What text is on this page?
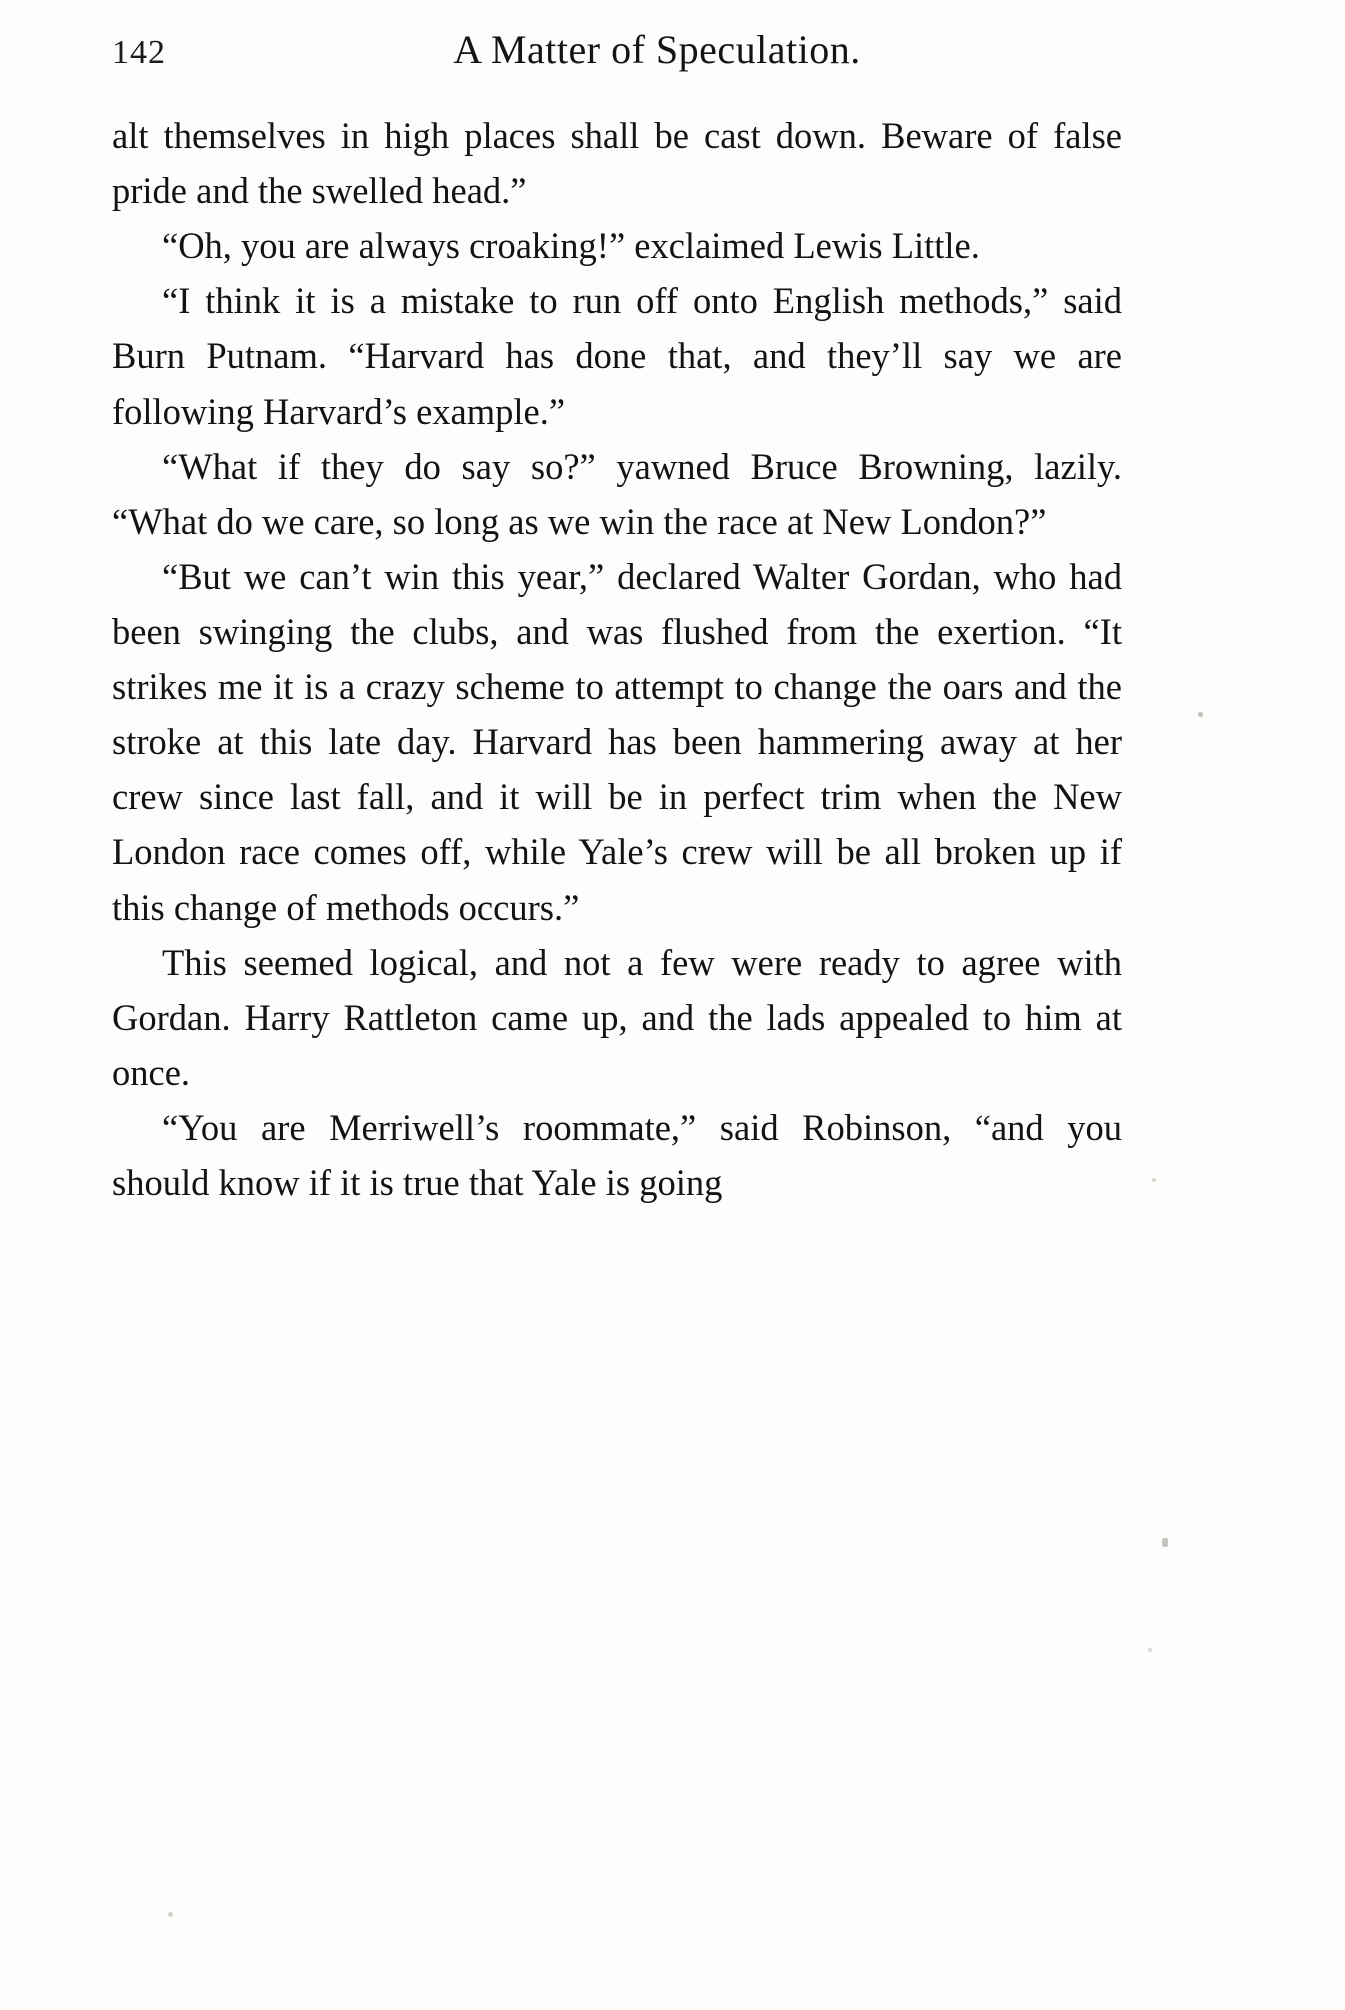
142	A Matter of Speculation.

alt themselves in high places shall be cast down. Beware of false pride and the swelled head.”

“Oh, you are always croaking!” exclaimed Lewis Little.

“I think it is a mistake to run off onto English methods,” said Burn Putnam. “Harvard has done that, and they’ll say we are following Harvard’s example.”

“What if they do say so?” yawned Bruce Browning, lazily. “What do we care, so long as we win the race at New London?”

“But we can’t win this year,” declared Walter Gordan, who had been swinging the clubs, and was flushed from the exertion. “It strikes me it is a crazy scheme to attempt to change the oars and the stroke at this late day. Harvard has been hammering away at her crew since last fall, and it will be in perfect trim when the New London race comes off, while Yale’s crew will be all broken up if this change of methods occurs.”

This seemed logical, and not a few were ready to agree with Gordan. Harry Rattleton came up, and the lads appealed to him at once.

“You are Merriwell’s roommate,” said Robinson, “and you should know if it is true that Yale is going
